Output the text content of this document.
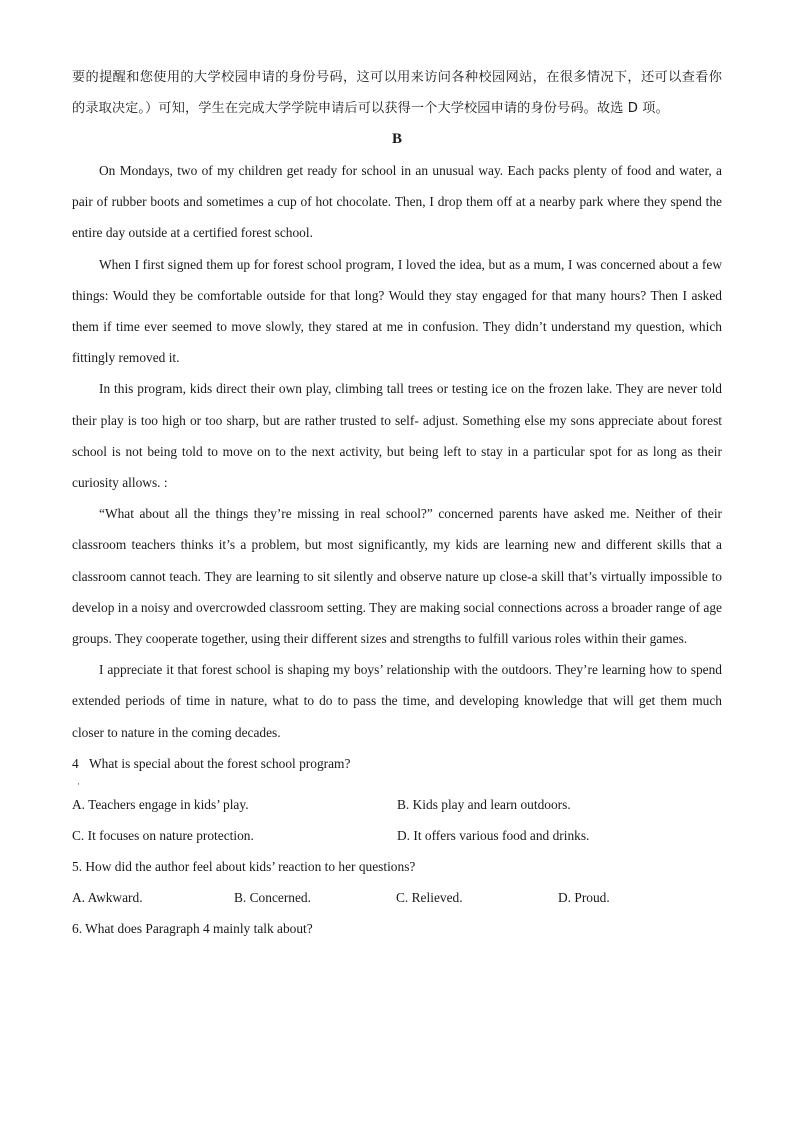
要的提醒和您使用的大学校园申请的身份号码，这可以用来访问各种校园网站，在很多情况下，还可以查看你的录取决定。）可知，学生在完成大学学院申请后可以获得一个大学校园申请的身份号码。故选 D 项。

B

On Mondays, two of my children get ready for school in an unusual way. Each packs plenty of food and water, a pair of rubber boots and sometimes a cup of hot chocolate. Then, I drop them off at a nearby park where they spend the entire day outside at a certified forest school.

When I first signed them up for forest school program, I loved the idea, but as a mum, I was concerned about a few things: Would they be comfortable outside for that long? Would they stay engaged for that many hours? Then I asked them if time ever seemed to move slowly, they stared at me in confusion. They didn’t understand my question, which fittingly removed it.

In this program, kids direct their own play, climbing tall trees or testing ice on the frozen lake. They are never told their play is too high or too sharp, but are rather trusted to self- adjust. Something else my sons appreciate about forest school is not being told to move on to the next activity, but being left to stay in a particular spot for as long as their curiosity allows. :

“What about all the things they’re missing in real school?” concerned parents have asked me. Neither of their classroom teachers thinks it’s a problem, but most significantly, my kids are learning new and different skills that a classroom cannot teach. They are learning to sit silently and observe nature up close-a skill that’s virtually impossible to develop in a noisy and overcrowded classroom setting. They are making social connections across a broader range of age groups. They cooperate together, using their different sizes and strengths to fulfill various roles within their games.

I appreciate it that forest school is shaping my boys’ relationship with the outdoors. They’re learning how to spend extended periods of time in nature, what to do to pass the time, and developing knowledge that will get them much closer to nature in the coming decades.

4 What is special about the forest school program?

·

A. Teachers engage in kids’ play.	B. Kids play and learn outdoors.
C. It focuses on nature protection.	D. It offers various food and drinks.

5. How did the author feel about kids’ reaction to her questions?

A. Awkward.	B. Concerned.	C. Relieved.	D. Proud.

6. What does Paragraph 4 mainly talk about?
